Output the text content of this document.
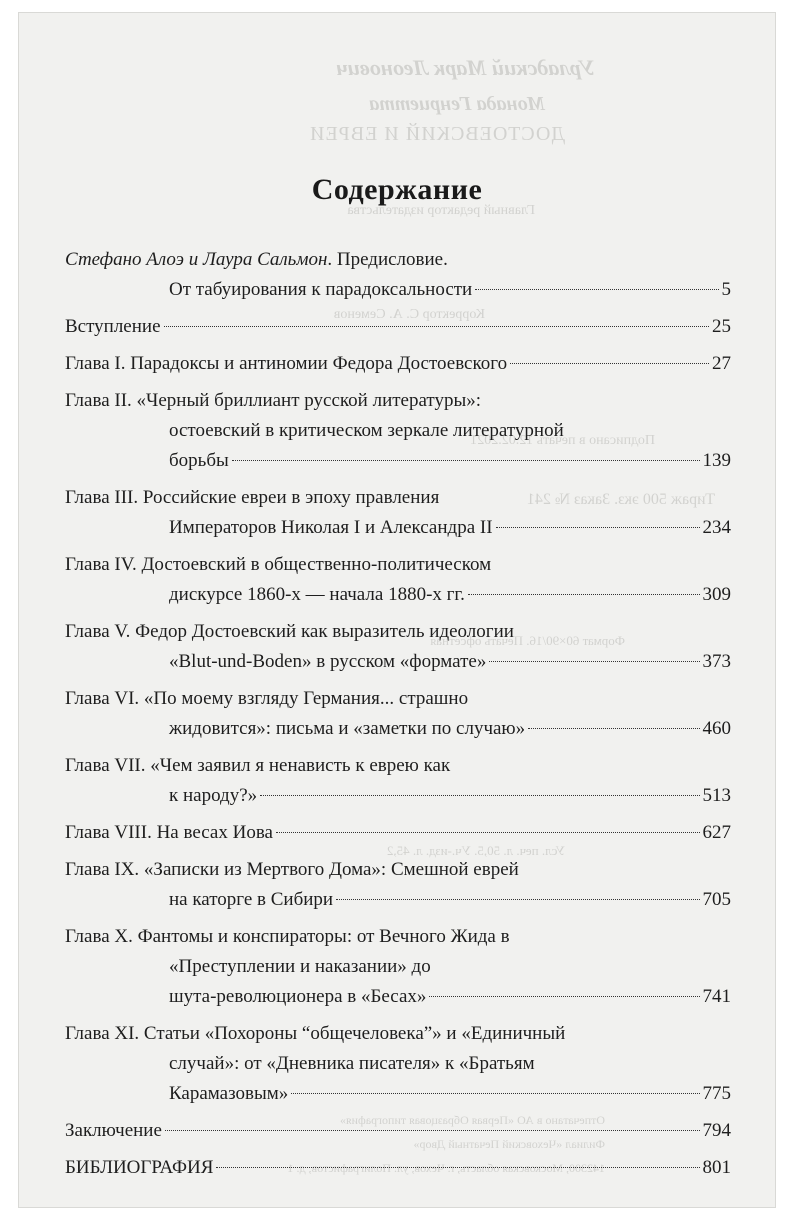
Урладский Марк Леонович
Монада Генриетта
ДОСТОЕВСКИЙ И ЕВРЕИ
Главный редактор издательства
Корректор С. А. Семенов
Подписано в печать 12.02.2021
Тираж 500 экз. Заказ № 241
Формат 60×90/16. Печать офсетная
Усл. печ. л. 50,5. Уч.-изд. л. 45,2
Отпечатано в АО «Первая Образцовая типография»
Филиал «Чеховский Печатный Двор»
142300, Московская область, г. Чехов, ул. Полиграфистов, д. 1
Содержание
Стефано Алоэ и Лаура Сальмон. Предисловие.
От табуирования к парадоксальности	5
Вступление	25
Глава I. Парадоксы и антиномии Федора Достоевского	27
Глава II. «Черный бриллиант русской литературы»:
остоевский в критическом зеркале литературной
борьбы	139
Глава III. Российские евреи в эпоху правления
Императоров Николая I и Александра II	234
Глава IV. Достоевский в общественно-политическом
дискурсе 1860-х — начала 1880-х гг.	309
Глава V. Федор Достоевский как выразитель идеологии
«Blut-und-Boden» в русском «формате»	373
Глава VI. «По моему взгляду Германия... страшно
жидовится»: письма и «заметки по случаю»	460
Глава VII. «Чем заявил я ненависть к еврею как
к народу?»	513
Глава VIII. На весах Иова	627
Глава IX. «Записки из Мертвого Дома»: Смешной еврей
на каторге в Сибири	705
Глава X. Фантомы и конспираторы: от Вечного Жида в
«Преступлении и наказании» до
шута-революционера в «Бесах»	741
Глава XI. Статьи «Похороны “общечеловека”» и «Единичный
случай»: от «Дневника писателя» к «Братьям
Карамазовым»	775
Заключение	794
БИБЛИОГРАФИЯ	801
